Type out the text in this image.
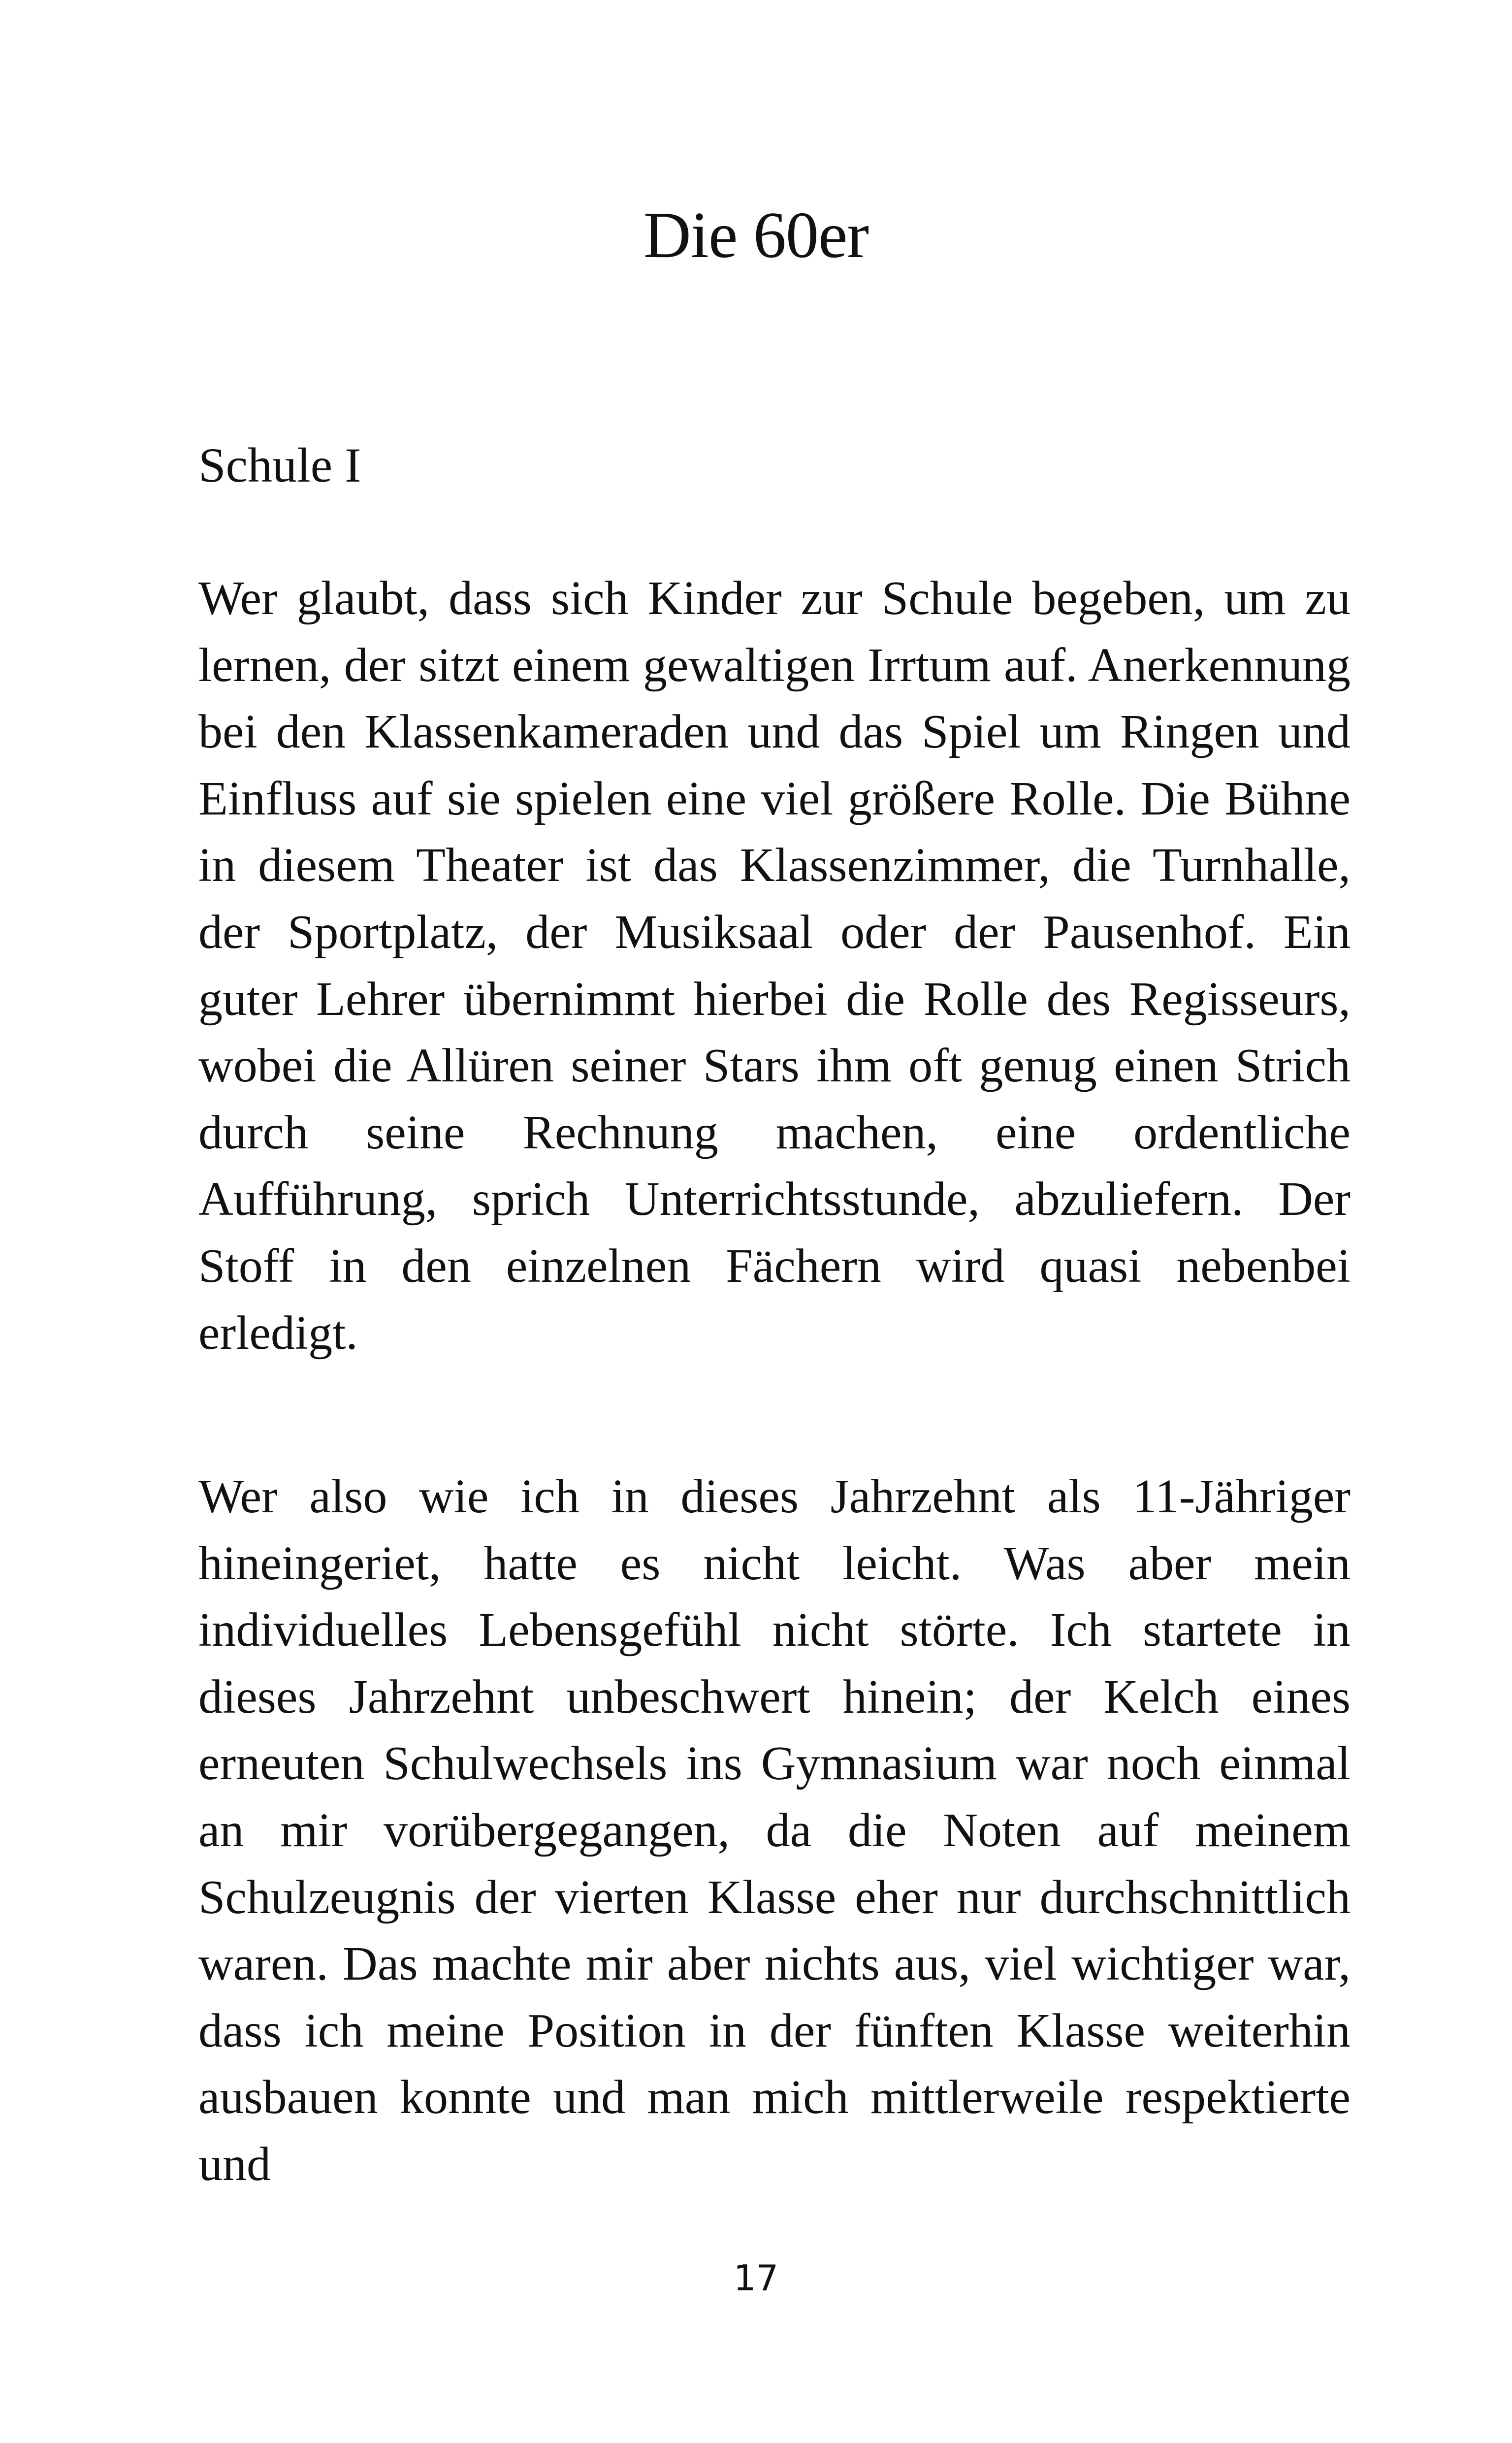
Die 60er
Schule I

Wer glaubt, dass sich Kinder zur Schule begeben, um zu lernen, der sitzt einem gewaltigen Irrtum auf. Anerkennung bei den Klassenkameraden und das Spiel um Ringen und Einfluss auf sie spielen eine viel größere Rolle. Die Bühne in diesem Theater ist das Klassenzimmer, die Turnhalle, der Sportplatz, der Musiksaal oder der Pausenhof. Ein guter Lehrer übernimmt hierbei die Rolle des Regisseurs, wobei die Allüren seiner Stars ihm oft genug einen Strich durch seine Rechnung machen, eine ordentliche Aufführung, sprich Unterrichtsstunde, abzuliefern. Der Stoff in den einzelnen Fächern wird quasi nebenbei erledigt.

Wer also wie ich in dieses Jahrzehnt als 11-Jähriger hineingeriet, hatte es nicht leicht. Was aber mein individuelles Lebensgefühl nicht störte. Ich startete in dieses Jahrzehnt unbeschwert hinein; der Kelch eines erneuten Schulwechsels ins Gymnasium war noch einmal an mir vorübergegangen, da die Noten auf meinem Schulzeugnis der vierten Klasse eher nur durchschnittlich waren. Das machte mir aber nichts aus, viel wichtiger war, dass ich meine Position in der fünften Klasse weiterhin ausbauen konnte und man mich mittlerweile respektierte und

17
